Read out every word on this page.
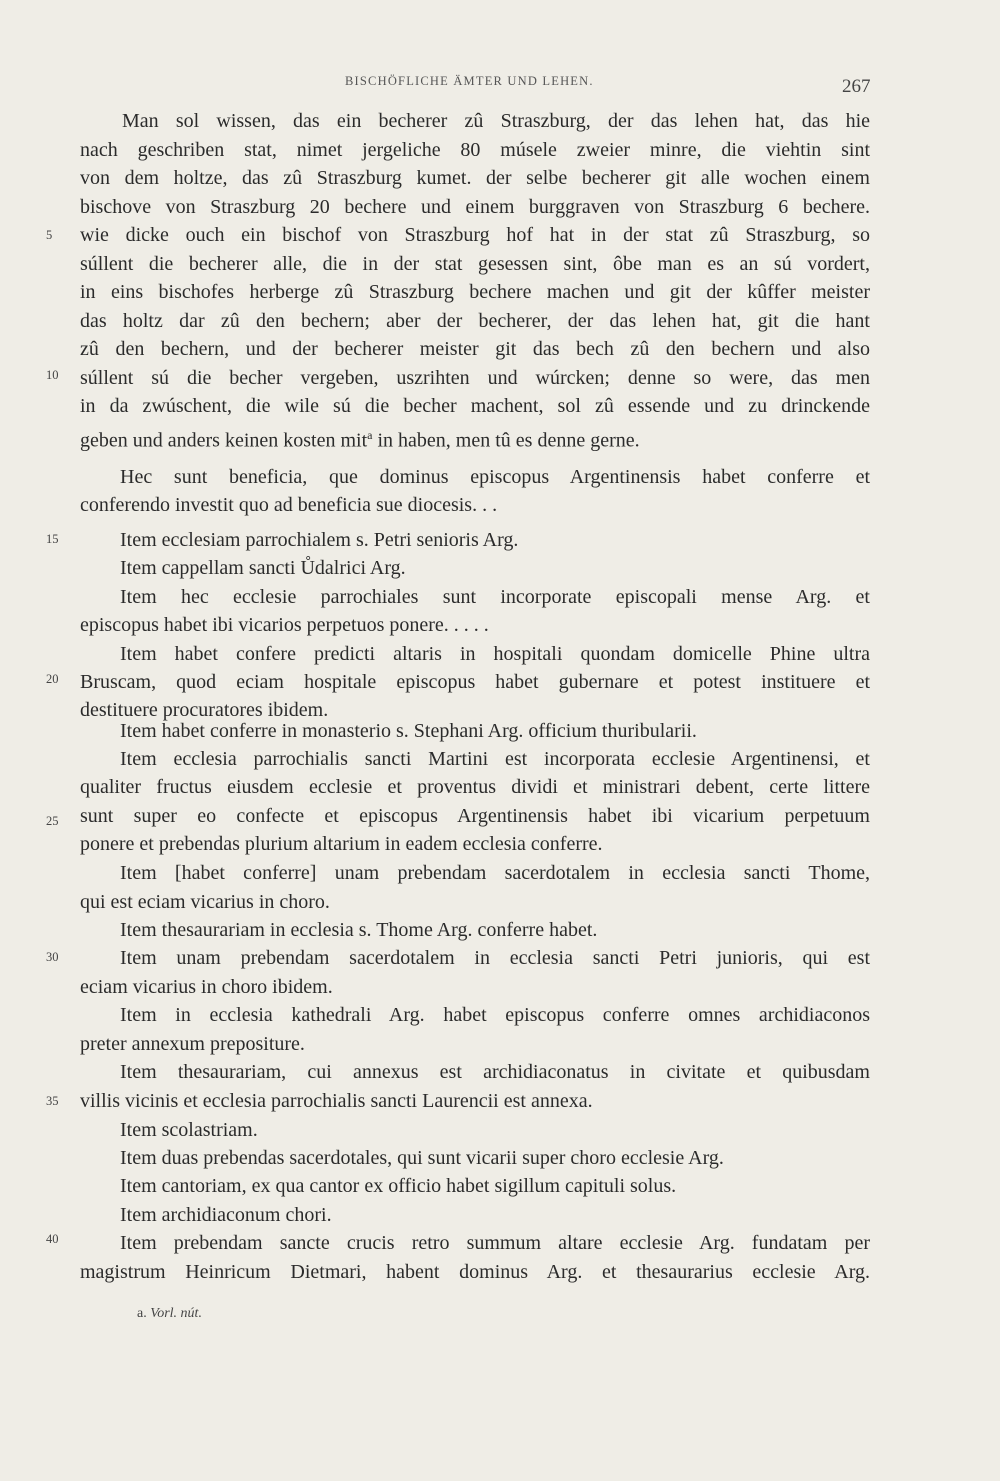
BISCHÖFLICHE ÄMTER UND LEHEN.	267
Man sol wissen, das ein becherer zû Straszburg, der das lehen hat, das hie
nach geschriben stat, nimet jergeliche 80 músele zweier minre, die viehtin sint
von dem holtze, das zû Straszburg kumet. der selbe becherer git alle wochen einem
bischove von Straszburg 20 bechere und einem burggraven von Straszburg 6 bechere.
wie dicke ouch ein bischof von Straszburg hof hat in der stat zû Straszburg, so
súllent die becherer alle, die in der stat gesessen sint, ôbe man es an sú vordert,
in eins bischofes herberge zû Straszburg bechere machen und git der kûffer meister
das holtz dar zû den bechern; aber der becherer, der das lehen hat, git die hant
zû den bechern, und der becherer meister git das bech zû den bechern und also
súllent sú die becher vergeben, uszrihten und wúrcken; denne so were, das men
in da zwúschent, die wile sú die becher machent, sol zû essende und zu drinckende
geben und anders keinen kosten mit$^a$ in haben, men tû es denne gerne.
Hec sunt beneficia, que dominus episcopus Argentinensis habet conferre et
conferendo investit quo ad beneficia sue diocesis. . .
Item ecclesiam parrochialem s. Petri senioris Arg.
Item cappellam sancti Ůdalrici Arg.
Item hec ecclesie parrochiales sunt incorporate episcopali mense Arg. et
episcopus habet ibi vicarios perpetuos ponere. . . . .
Item habet confere predicti altaris in hospitali quondam domicelle Phine ultra
Bruscam, quod eciam hospitale episcopus habet gubernare et potest instituere et
destituere procuratores ibidem.
Item habet conferre in monasterio s. Stephani Arg. officium thuribularii.
Item ecclesia parrochialis sancti Martini est incorporata ecclesie Argentinensi, et
qualiter fructus eiusdem ecclesie et proventus dividi et ministrari debent, certe littere
sunt super eo confecte et episcopus Argentinensis habet ibi vicarium perpetuum
ponere et prebendas plurium altarium in eadem ecclesia conferre.
Item [habet conferre] unam prebendam sacerdotalem in ecclesia sancti Thome,
qui est eciam vicarius in choro.
Item thesaurariam in ecclesia s. Thome Arg. conferre habet.
Item unam prebendam sacerdotalem in ecclesia sancti Petri junioris, qui est
eciam vicarius in choro ibidem.
Item in ecclesia kathedrali Arg. habet episcopus conferre omnes archidiaconos
preter annexum prepositure.
Item thesaurariam, cui annexus est archidiaconatus in civitate et quibusdam
villis vicinis et ecclesia parrochialis sancti Laurencii est annexa.
Item scolastriam.
Item duas prebendas sacerdotales, qui sunt vicarii super choro ecclesie Arg.
Item cantoriam, ex qua cantor ex officio habet sigillum capituli solus.
Item archidiaconum chori.
Item prebendam sancte crucis retro summum altare ecclesie Arg. fundatam per
magistrum Heinricum Dietmari, habent dominus Arg. et thesaurarius ecclesie Arg.
5
10
15
20
25
30
35
40
a. Vorl. nút.
